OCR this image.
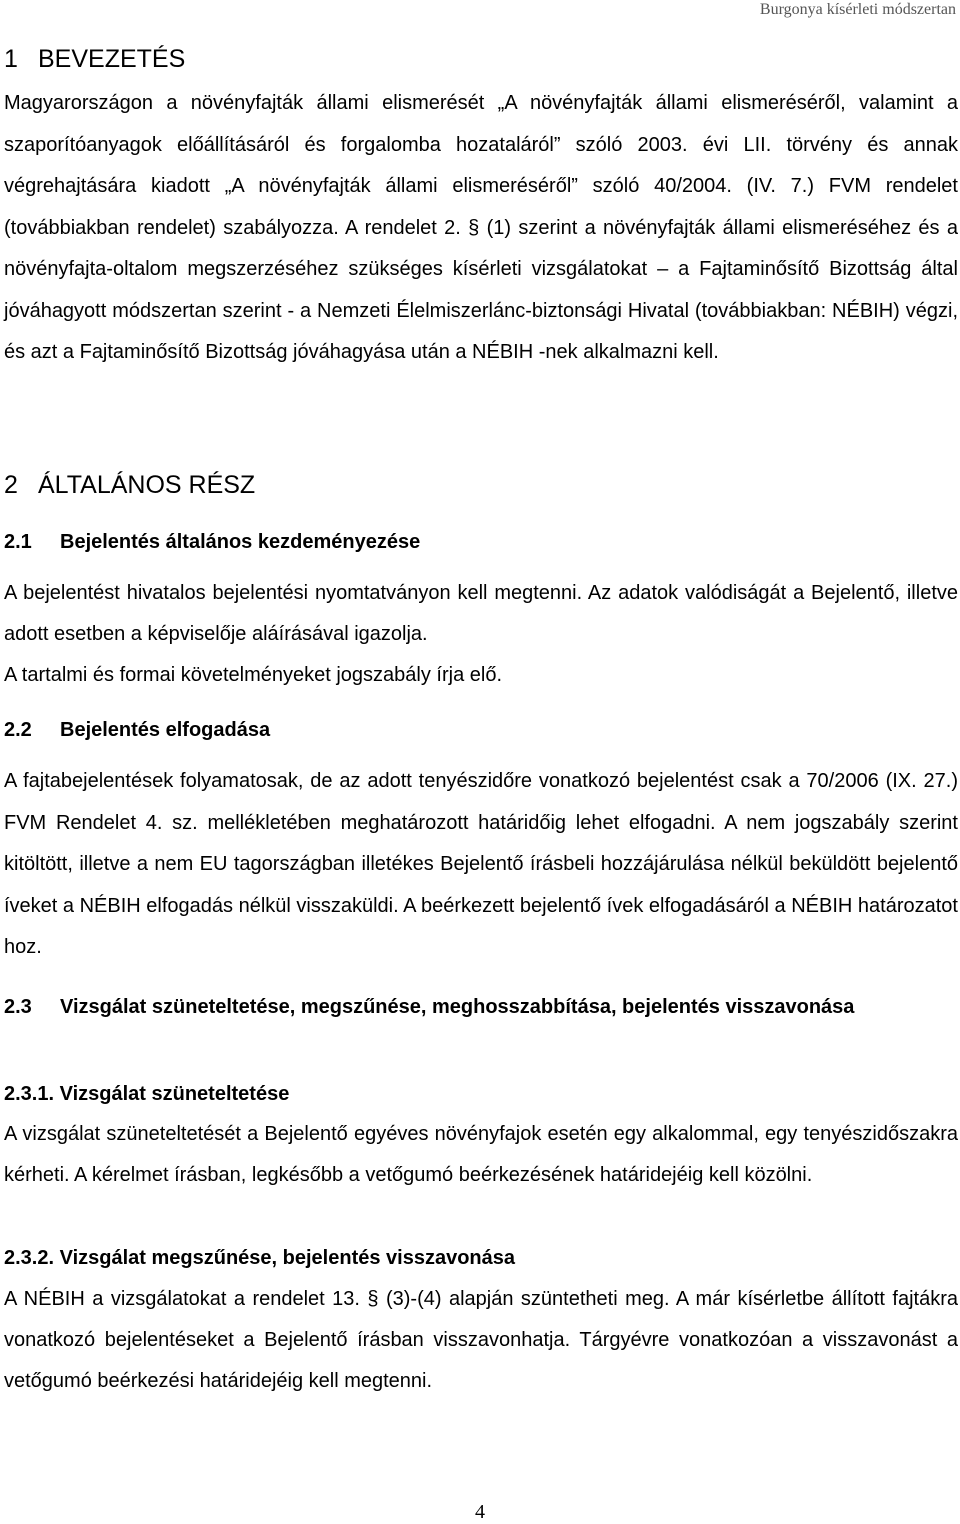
Burgonya kísérleti módszertan
1 BEVEZETÉS

Magyarországon a növényfajták állami elismerését „A növényfajták állami elismeréséről, valamint a szaporítóanyagok előállításáról és forgalomba hozataláról” szóló 2003. évi LII. törvény és annak végrehajtására kiadott „A növényfajták állami elismeréséről” szóló 40/2004. (IV. 7.) FVM rendelet (továbbiakban rendelet) szabályozza. A rendelet 2. § (1) szerint a növényfajták állami elismeréséhez és a növényfajta-oltalom megszerzéséhez szükséges kísérleti vizsgálatokat – a Fajtaminősítő Bizottság által jóváhagyott módszertan szerint - a Nemzeti Élelmiszerlánc-biztonsági Hivatal (továbbiakban: NÉBIH) végzi, és azt a Fajtaminősítő Bizottság jóváhagyása után a NÉBIH -nek alkalmazni kell.

2 ÁLTALÁNOS RÉSZ
2.1 Bejelentés általános kezdeményezése

A bejelentést hivatalos bejelentési nyomtatványon kell megtenni. Az adatok valódiságát a Bejelentő, illetve adott esetben a képviselője aláírásával igazolja.

A tartalmi és formai követelményeket jogszabály írja elő.

2.2 Bejelentés elfogadása

A fajtabejelentések folyamatosak, de az adott tenyészidőre vonatkozó bejelentést csak a 70/2006 (IX. 27.) FVM Rendelet 4. sz. mellékletében meghatározott határidőig lehet elfogadni. A nem jogszabály szerint kitöltött, illetve a nem EU tagországban illetékes Bejelentő írásbeli hozzájárulása nélkül beküldött bejelentő íveket a NÉBIH elfogadás nélkül visszaküldi. A beérkezett bejelentő ívek elfogadásáról a NÉBIH határozatot hoz.

2.3 Vizsgálat szüneteltetése, megszűnése, meghosszabbítása, bejelentés visszavonása
2.3.1. Vizsgálat szüneteltetése

A vizsgálat szüneteltetését a Bejelentő egyéves növényfajok esetén egy alkalommal, egy tenyészidőszakra kérheti. A kérelmet írásban, legkésőbb a vetőgumó beérkezésének határidejéig kell közölni.

2.3.2. Vizsgálat megszűnése, bejelentés visszavonása

A NÉBIH a vizsgálatokat a rendelet 13. § (3)-(4) alapján szüntetheti meg. A már kísérletbe állított fajtákra vonatkozó bejelentéseket a Bejelentő írásban visszavonhatja. Tárgyévre vonatkozóan a visszavonást a vetőgumó beérkezési határidejéig kell megtenni.

4
